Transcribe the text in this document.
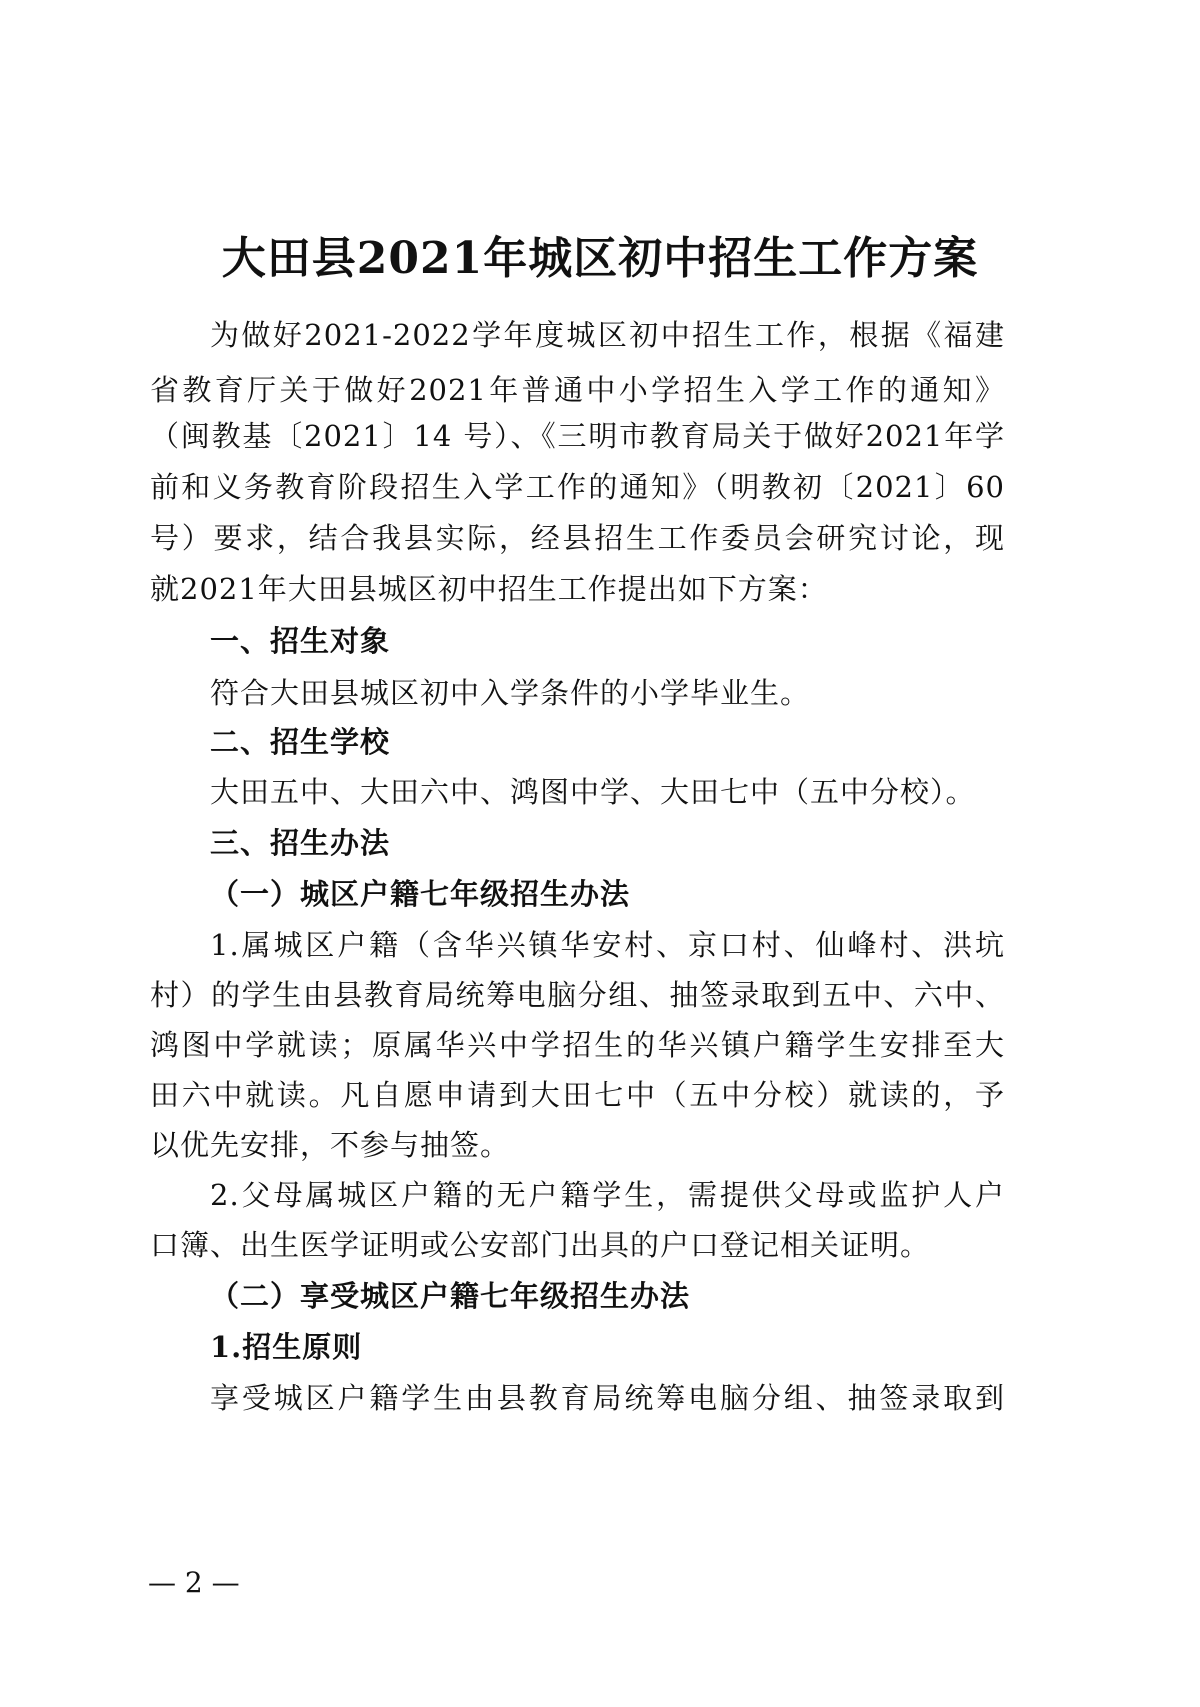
大田县2021年城区初中招生工作方案
为做好2021-2022学年度城区初中招生工作，根据《福建
省教育厅关于做好2021年普通中小学招生入学工作的通知》
（闽教基〔2021〕14 号）、《三明市教育局关于做好2021年学
前和义务教育阶段招生入学工作的通知》（明教初〔2021〕60
号）要求，结合我县实际，经县招生工作委员会研究讨论，现
就2021年大田县城区初中招生工作提出如下方案：
一、招生对象
符合大田县城区初中入学条件的小学毕业生。
二、招生学校
大田五中、大田六中、鸿图中学、大田七中（五中分校）。
三、招生办法
（一）城区户籍七年级招生办法
1.属城区户籍（含华兴镇华安村、京口村、仙峰村、洪坑
村）的学生由县教育局统筹电脑分组、抽签录取到五中、六中、
鸿图中学就读；原属华兴中学招生的华兴镇户籍学生安排至大
田六中就读。凡自愿申请到大田七中（五中分校）就读的，予
以优先安排，不参与抽签。
2.父母属城区户籍的无户籍学生，需提供父母或监护人户
口簿、出生医学证明或公安部门出具的户口登记相关证明。
（二）享受城区户籍七年级招生办法
1.招生原则
享受城区户籍学生由县教育局统筹电脑分组、抽签录取到
— 2 —
